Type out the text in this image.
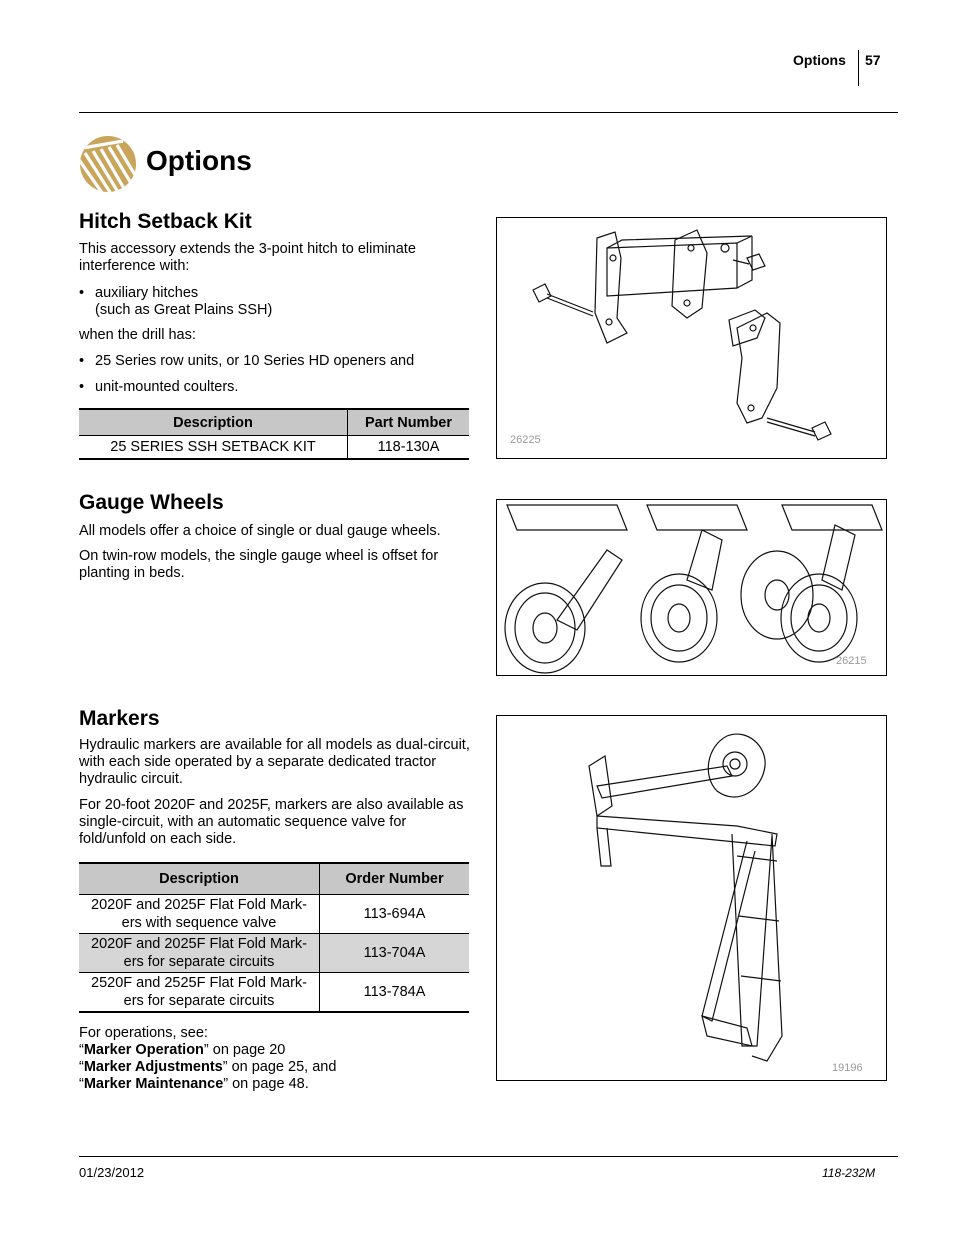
Options 57
Options
Hitch Setback Kit

This accessory extends the 3-point hitch to eliminate interference with:

• auxiliary hitches
(such as Great Plains SSH)

when the drill has:

• 25 Series row units, or 10 Series HD openers and
• unit-mounted coulters.
Description	Part Number
25 SERIES SSH SETBACK KIT	118-130A	26225
Gauge Wheels

All models offer a choice of single or dual gauge wheels.

On twin-row models, the single gauge wheel is offset for planting in beds.

26215
Markers

Hydraulic markers are available for all models as dual-circuit, with each side operated by a separate dedicated tractor hydraulic circuit.

For 20-foot 2020F and 2025F, markers are also available as single-circuit, with an automatic sequence valve for fold/unfold on each side.

Description	Order Number

2020F and 2025F Flat Fold Mark-
ers with sequence valve	113-694A

2020F and 2025F Flat Fold Mark-
ers for separate circuits	113-704A

2520F and 2525F Flat Fold Mark-
ers for separate circuits	113-784A
For operations, see:
“Marker Operation” on page 20
“Marker Adjustments” on page 25, and
“Marker Maintenance” on page 48.
19196
01/23/2012	118-232M
